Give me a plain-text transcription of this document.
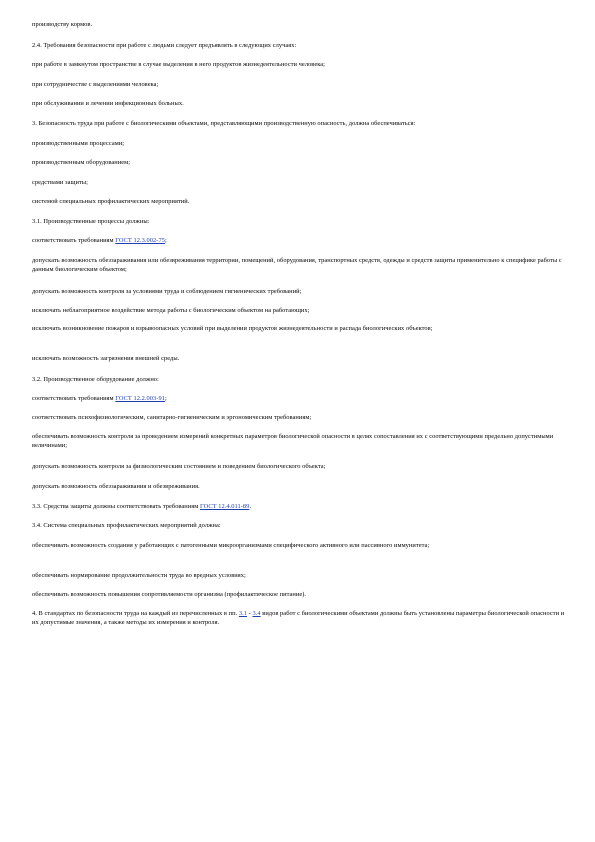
производству кормов.

2.4. Требования безопасности при работе с людьми следует предъявлять в следующих случаях:

при работе в замкнутом пространстве в случае выделения в него продуктов жизнедеятельности человека;

при сотрудничестве с выделениями человека;

при обслуживании и лечении инфекционных больных.

3. Безопасность труда при работе с биологическими объектами, представляющими производственную опасность, должна обеспечиваться:

производственными процессами;

производственным оборудованием;

средствами защиты;

системой специальных профилактических мероприятий.

3.1. Производственные процессы должны:

соответствовать требованиям ГОСТ 12.3.002-75;

допускать возможность обеззараживания или обезвреживания территории, помещений, оборудования, транспортных средств, одежды и средств защиты применительно к специфике работы с данным биологическим объектом;

допускать возможность контроля за условиями труда и соблюдением гигиенических требований;

исключать неблагоприятное воздействие метода работы с биологическим объектом на работающих;

исключать возникновение пожаров и взрывоопасных условий при выделении продуктов жизнедеятельности и распада биологических объектов;

исключать возможность загрязнения внешней среды.

3.2. Производственное оборудование должно:

соответствовать требованиям ГОСТ 12.2.003-91;

соответствовать психофизиологическим, санитарно-гигиеническим и эргономическим требованиям;

обеспечивать возможность контроля за проведением измерений конкретных параметров биологической опасности в целях сопоставления их с соответствующими предельно допустимыми величинами;

допускать возможность контроля за физиологическим состоянием и поведением биологического объекта;

допускать возможность обеззараживания и обезвреживания.

3.3. Средства защиты должны соответствовать требованиям ГОСТ 12.4.011-89.

3.4. Система специальных профилактических мероприятий должна:

обеспечивать возможность создания у работающих с патогенными микроорганизмами специфического активного или пассивного иммунитета;

обеспечивать нормирование продолжительности труда во вредных условиях;

обеспечивать возможность повышения сопротивляемости организма (профилактическое питание).

4. В стандартах по безопасности труда на каждый из перечисленных в пп. 3.1 - 3.4 видов работ с биологическими объектами должны быть установлены параметры биологической опасности и их допустимые значения, а также методы их измерения и контроля.
